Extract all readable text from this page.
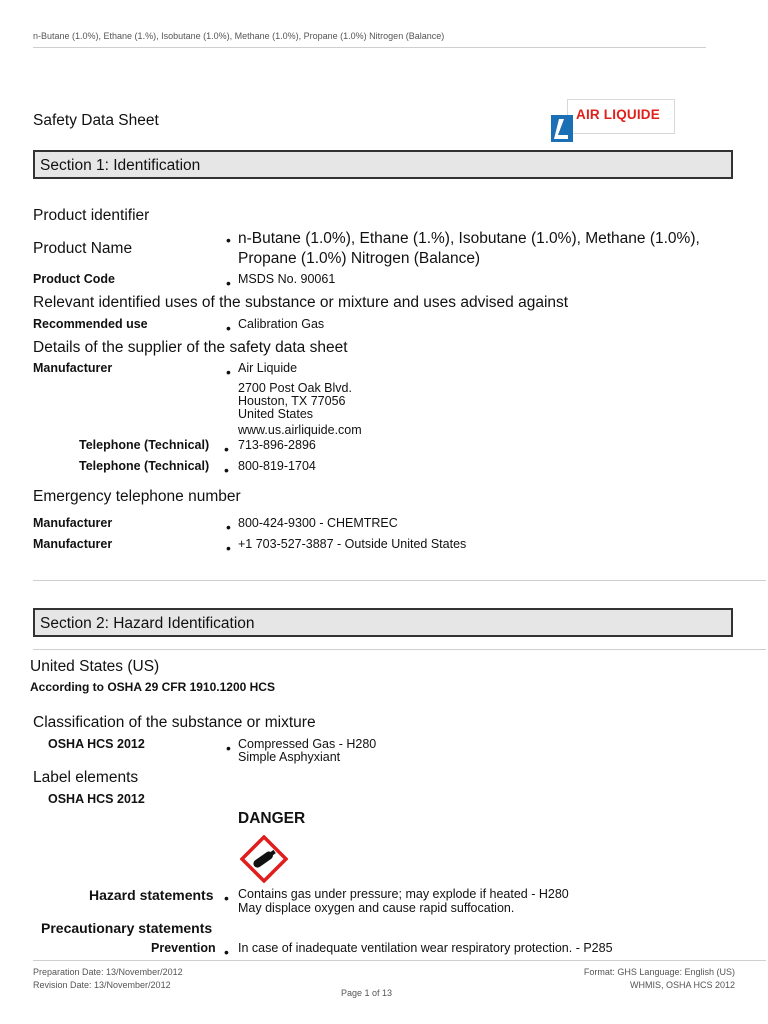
n-Butane (1.0%), Ethane (1.%), Isobutane (1.0%), Methane (1.0%), Propane (1.0%) Nitrogen (Balance)
Safety Data Sheet	AIR LIQUIDE
Section 1: Identification
Product identifier
Product Name	• n-Butane (1.0%), Ethane (1.%), Isobutane (1.0%), Methane (1.0%),
Propane (1.0%) Nitrogen (Balance)
Product Code	• MSDS No. 90061
Relevant identified uses of the substance or mixture and uses advised against
Recommended use	• Calibration Gas
Details of the supplier of the safety data sheet
Manufacturer	• Air Liquide
2700 Post Oak Blvd.
Houston, TX 77056
United States
www.us.airliquide.com
Telephone (Technical) • 713-896-2896
Telephone (Technical) • 800-819-1704
Emergency telephone number
Manufacturer	• 800-424-9300 - CHEMTREC
Manufacturer	• +1 703-527-3887 - Outside United States
Section 2: Hazard Identification
United States (US)
According to OSHA 29 CFR 1910.1200 HCS
Classification of the substance or mixture
OSHA HCS 2012	• Compressed Gas - H280
Simple Asphyxiant
Label elements
OSHA HCS 2012
DANGER
Hazard statements • Contains gas under pressure; may explode if heated - H280
May displace oxygen and cause rapid suffocation.
Precautionary statements
Prevention • In case of inadequate ventilation wear respiratory protection. - P285
Preparation Date: 13/November/2012
Revision Date: 13/November/2012
Page 1 of 13
Format: GHS Language: English (US)
WHMIS, OSHA HCS 2012
